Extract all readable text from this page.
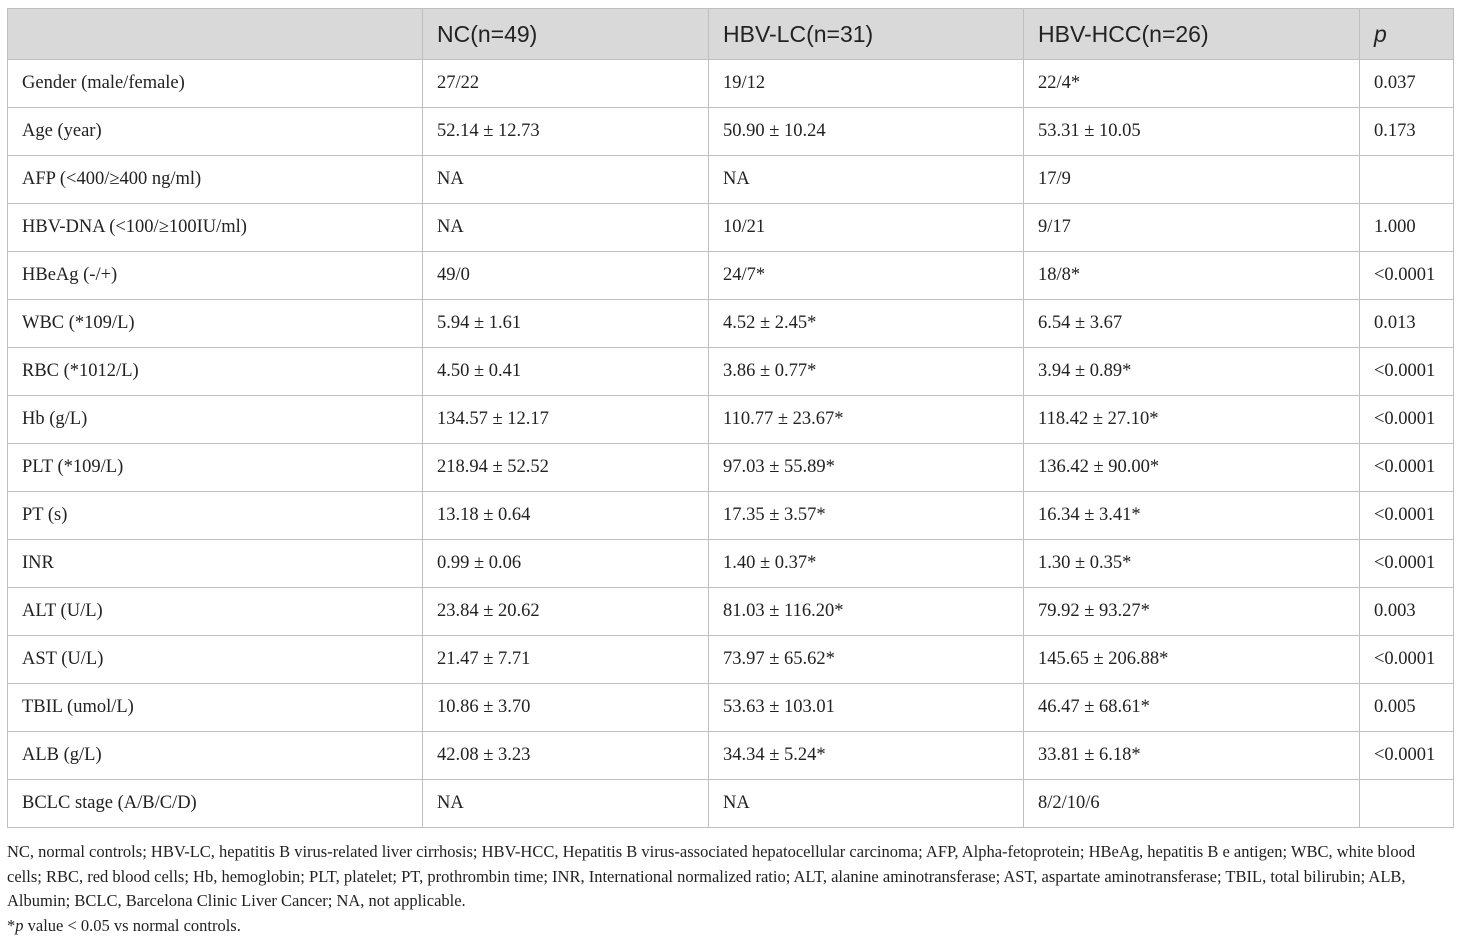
	NC(n=49)	HBV-LC(n=31)	HBV-HCC(n=26)	p
Gender (male/female)	27/22	19/12	22/4*	0.037
Age (year)	52.14 ± 12.73	50.90 ± 10.24	53.31 ± 10.05	0.173
AFP (<400/≥400 ng/ml)	NA	NA	17/9	
HBV-DNA (<100/≥100IU/ml)	NA	10/21	9/17	1.000
HBeAg (-/+)	49/0	24/7*	18/8*	<0.0001
WBC (*109/L)	5.94 ± 1.61	4.52 ± 2.45*	6.54 ± 3.67	0.013
RBC (*1012/L)	4.50 ± 0.41	3.86 ± 0.77*	3.94 ± 0.89*	<0.0001
Hb (g/L)	134.57 ± 12.17	110.77 ± 23.67*	118.42 ± 27.10*	<0.0001
PLT (*109/L)	218.94 ± 52.52	97.03 ± 55.89*	136.42 ± 90.00*	<0.0001
PT (s)	13.18 ± 0.64	17.35 ± 3.57*	16.34 ± 3.41*	<0.0001
INR	0.99 ± 0.06	1.40 ± 0.37*	1.30 ± 0.35*	<0.0001
ALT (U/L)	23.84 ± 20.62	81.03 ± 116.20*	79.92 ± 93.27*	0.003
AST (U/L)	21.47 ± 7.71	73.97 ± 65.62*	145.65 ± 206.88*	<0.0001
TBIL (umol/L)	10.86 ± 3.70	53.63 ± 103.01	46.47 ± 68.61*	0.005
ALB (g/L)	42.08 ± 3.23	34.34 ± 5.24*	33.81 ± 6.18*	<0.0001
BCLC stage (A/B/C/D)	NA	NA	8/2/10/6	

NC, normal controls; HBV-LC, hepatitis B virus-related liver cirrhosis; HBV-HCC, Hepatitis B virus-associated hepatocellular carcinoma; AFP, Alpha-fetoprotein; HBeAg, hepatitis B e antigen; WBC, white blood cells; RBC, red blood cells; Hb, hemoglobin; PLT, platelet; PT, prothrombin time; INR, International normalized ratio; ALT, alanine aminotransferase; AST, aspartate aminotransferase; TBIL, total bilirubin; ALB, Albumin; BCLC, Barcelona Clinic Liver Cancer; NA, not applicable.

*p value < 0.05 vs normal controls.
